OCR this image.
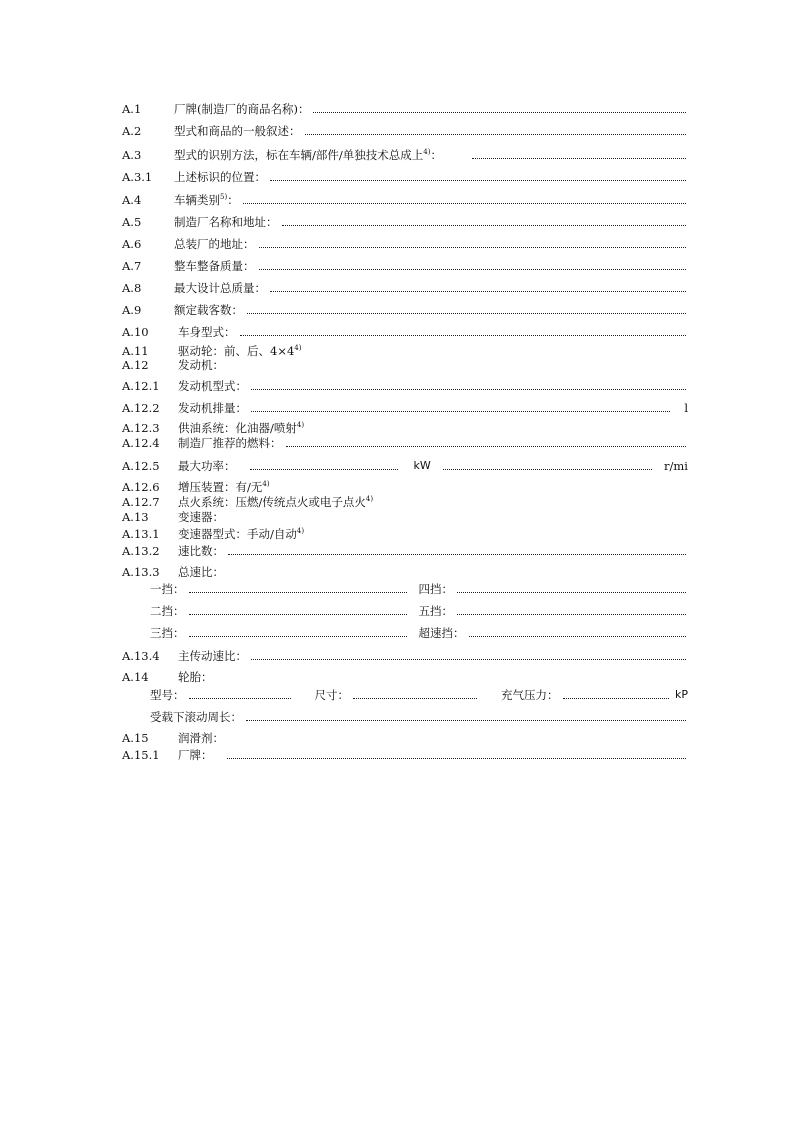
A.1	厂牌(制造厂的商品名称)：
A.2	型式和商品的一般叙述：
A.3	型式的识别方法，标在车辆/部件/单独技术总成上$^{4)}$：
A.3.1	上述标识的位置：
A.4	车辆类别$^{5)}$：
A.5	制造厂名称和地址：
A.6	总装厂的地址：
A.7	整车整备质量：
A.8	最大设计总质量：
A.9	额定载客数：
A.10	车身型式：
A.11	驱动轮：前、后、$4\times 4^{4)}$
A.12	发动机：
A.12.1	发动机型式：
A.12.2	发动机排量：	l
A.12.3	供油系统：化油器/喷射$^{4)}$
A.12.4	制造厂推荐的燃料：
A.12.5	最大功率：	kW	r/mi
A.12.6	增压装置：有/无$^{4)}$
A.12.7	点火系统：压燃/传统点火或电子点火$^{4)}$
A.13	变速器：
A.13.1	变速器型式：手动/自动$^{4)}$
A.13.2	速比数：
A.13.3	总速比：
一挡：	四挡：
二挡：	五挡：
三挡：	超速挡：
A.13.4	主传动速比：
A.14	轮胎：
型号：	尺寸：	充气压力：	kP
受载下滚动周长：
A.15	润滑剂：
A.15.1	厂牌：
